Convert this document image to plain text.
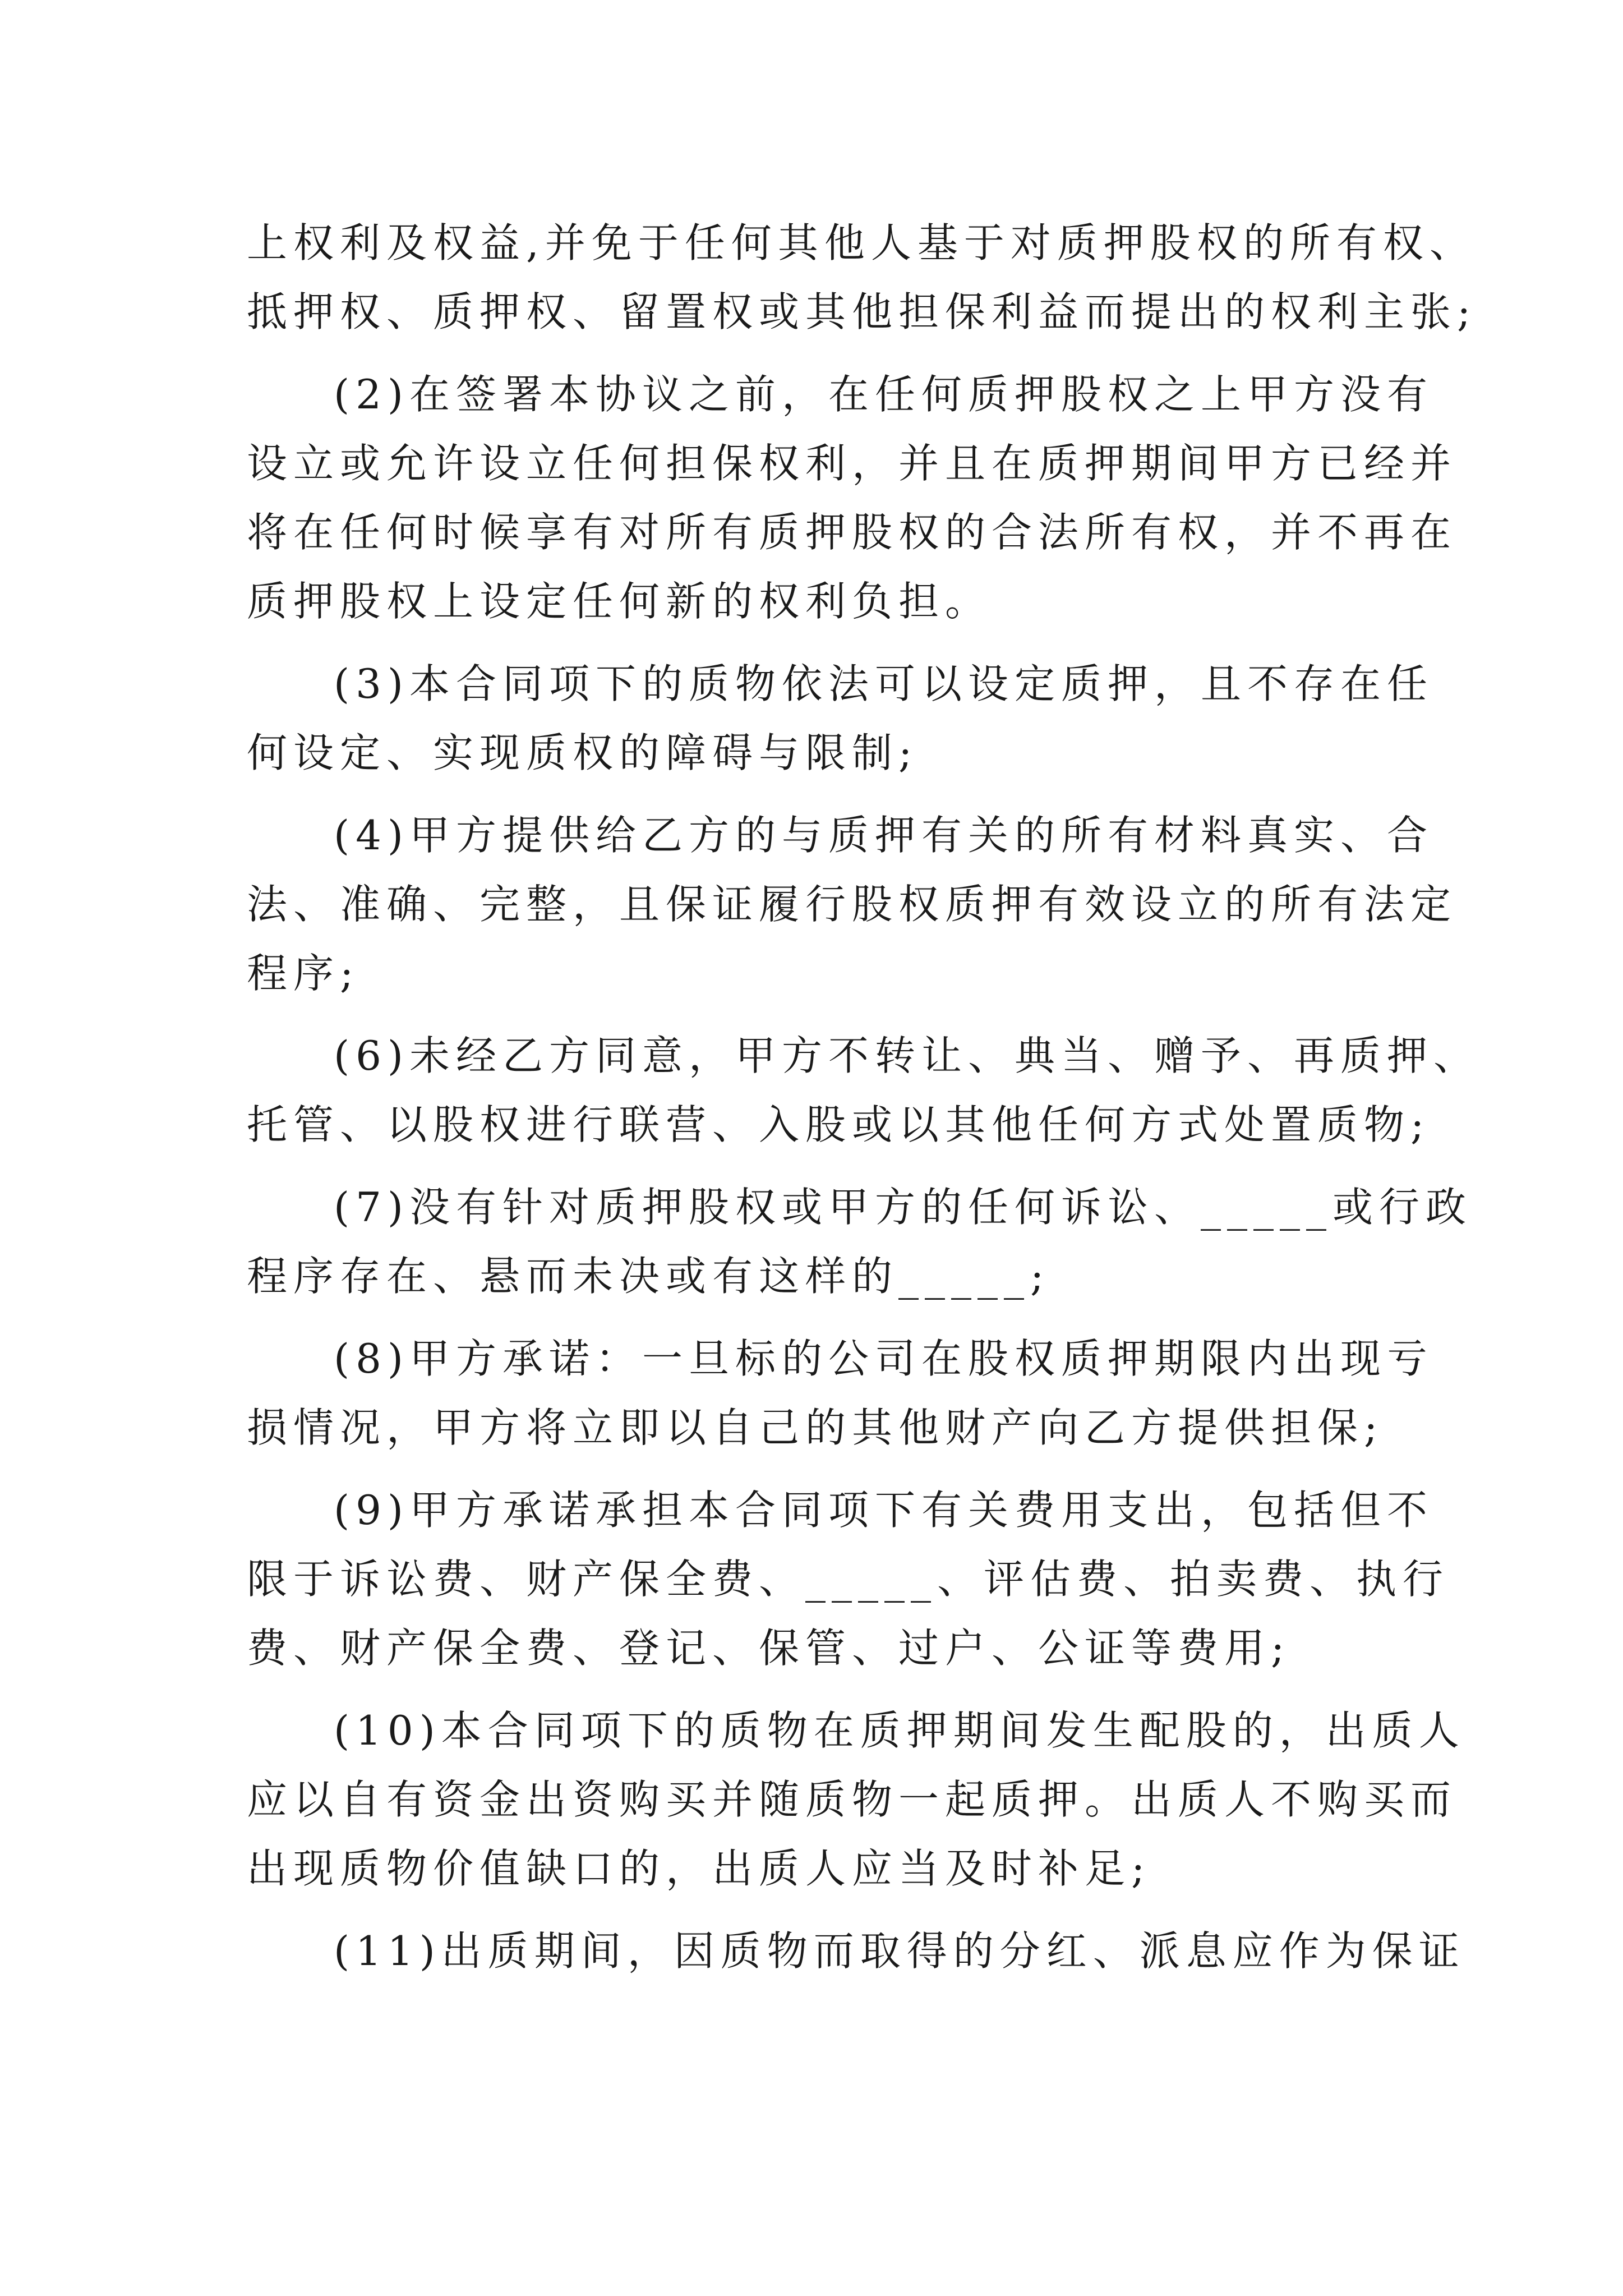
上权利及权益,并免于任何其他人基于对质押股权的所有权、
抵押权、质押权、留置权或其他担保利益而提出的权利主张;
(2)在签署本协议之前，在任何质押股权之上甲方没有
设立或允许设立任何担保权利，并且在质押期间甲方已经并
将在任何时候享有对所有质押股权的合法所有权，并不再在
质押股权上设定任何新的权利负担。
(3)本合同项下的质物依法可以设定质押，且不存在任
何设定、实现质权的障碍与限制;
(4)甲方提供给乙方的与质押有关的所有材料真实、合
法、准确、完整，且保证履行股权质押有效设立的所有法定
程序;
(6)未经乙方同意，甲方不转让、典当、赠予、再质押、
托管、以股权进行联营、入股或以其他任何方式处置质物;
(7)没有针对质押股权或甲方的任何诉讼、_____或行政
程序存在、悬而未决或有这样的_____;
(8)甲方承诺：一旦标的公司在股权质押期限内出现亏
损情况，甲方将立即以自己的其他财产向乙方提供担保;
(9)甲方承诺承担本合同项下有关费用支出，包括但不
限于诉讼费、财产保全费、_____、评估费、拍卖费、执行
费、财产保全费、登记、保管、过户、公证等费用;
(10)本合同项下的质物在质押期间发生配股的，出质人
应以自有资金出资购买并随质物一起质押。出质人不购买而
出现质物价值缺口的，出质人应当及时补足;
(11)出质期间，因质物而取得的分红、派息应作为保证
